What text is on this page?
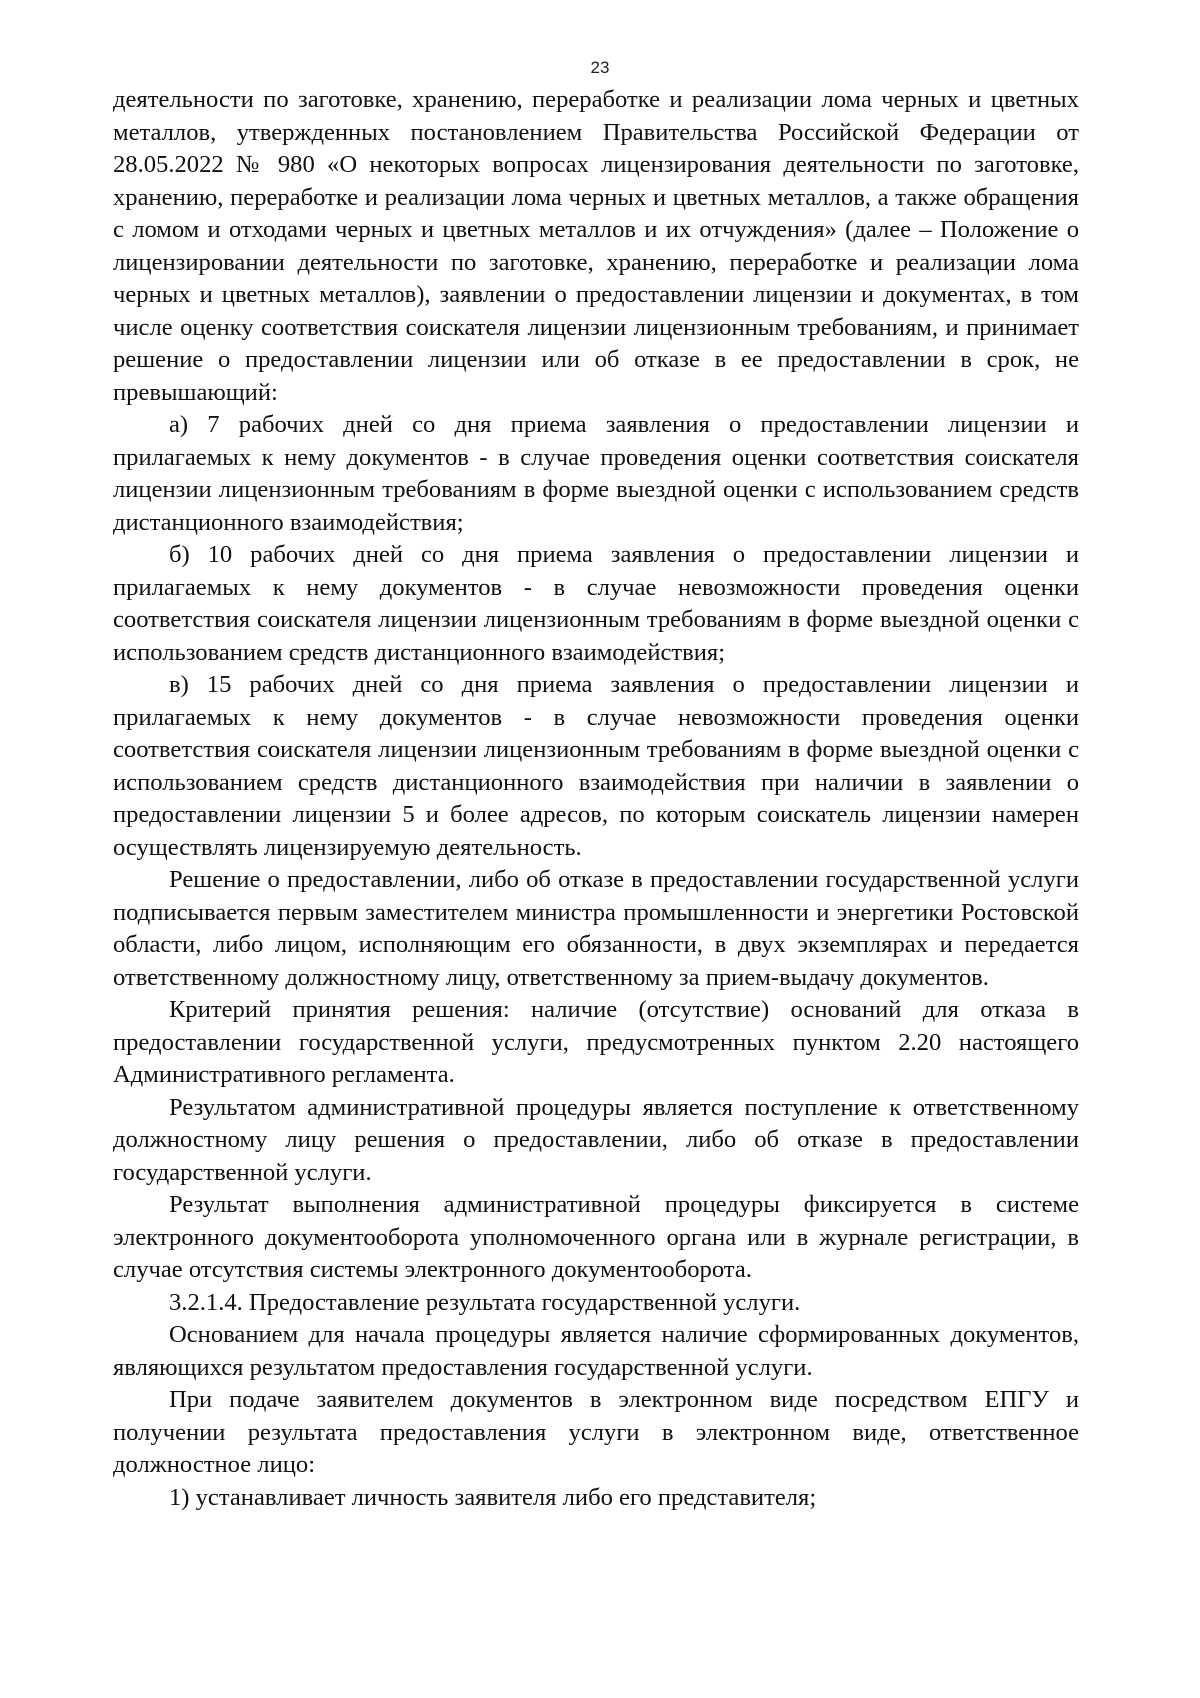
23

деятельности по заготовке, хранению, переработке и реализации лома черных и цветных металлов, утвержденных постановлением Правительства Российской Федерации от 28.05.2022 № 980 «О некоторых вопросах лицензирования деятельности по заготовке, хранению, переработке и реализации лома черных и цветных металлов, а также обращения с ломом и отходами черных и цветных металлов и их отчуждения» (далее – Положение о лицензировании деятельности по заготовке, хранению, переработке и реализации лома черных и цветных металлов), заявлении о предоставлении лицензии и документах, в том числе оценку соответствия соискателя лицензии лицензионным требованиям, и принимает решение о предоставлении лицензии или об отказе в ее предоставлении в срок, не превышающий:

а) 7 рабочих дней со дня приема заявления о предоставлении лицензии и прилагаемых к нему документов - в случае проведения оценки соответствия соискателя лицензии лицензионным требованиям в форме выездной оценки с использованием средств дистанционного взаимодействия;

б) 10 рабочих дней со дня приема заявления о предоставлении лицензии и прилагаемых к нему документов - в случае невозможности проведения оценки соответствия соискателя лицензии лицензионным требованиям в форме выездной оценки с использованием средств дистанционного взаимодействия;

в) 15 рабочих дней со дня приема заявления о предоставлении лицензии и прилагаемых к нему документов - в случае невозможности проведения оценки соответствия соискателя лицензии лицензионным требованиям в форме выездной оценки с использованием средств дистанционного взаимодействия при наличии в заявлении о предоставлении лицензии 5 и более адресов, по которым соискатель лицензии намерен осуществлять лицензируемую деятельность.

Решение о предоставлении, либо об отказе в предоставлении государственной услуги подписывается первым заместителем министра промышленности и энергетики Ростовской области, либо лицом, исполняющим его обязанности, в двух экземплярах и передается ответственному должностному лицу, ответственному за прием-выдачу документов.

Критерий принятия решения: наличие (отсутствие) оснований для отказа в предоставлении государственной услуги, предусмотренных пунктом 2.20 настоящего Административного регламента.

Результатом административной процедуры является поступление к ответственному должностному лицу решения о предоставлении, либо об отказе в предоставлении государственной услуги.

Результат выполнения административной процедуры фиксируется в системе электронного документооборота уполномоченного органа или в журнале регистрации, в случае отсутствия системы электронного документооборота.

3.2.1.4. Предоставление результата государственной услуги.

Основанием для начала процедуры является наличие сформированных документов, являющихся результатом предоставления государственной услуги.

При подаче заявителем документов в электронном виде посредством ЕПГУ и получении результата предоставления услуги в электронном виде, ответственное должностное лицо:

1) устанавливает личность заявителя либо его представителя;
